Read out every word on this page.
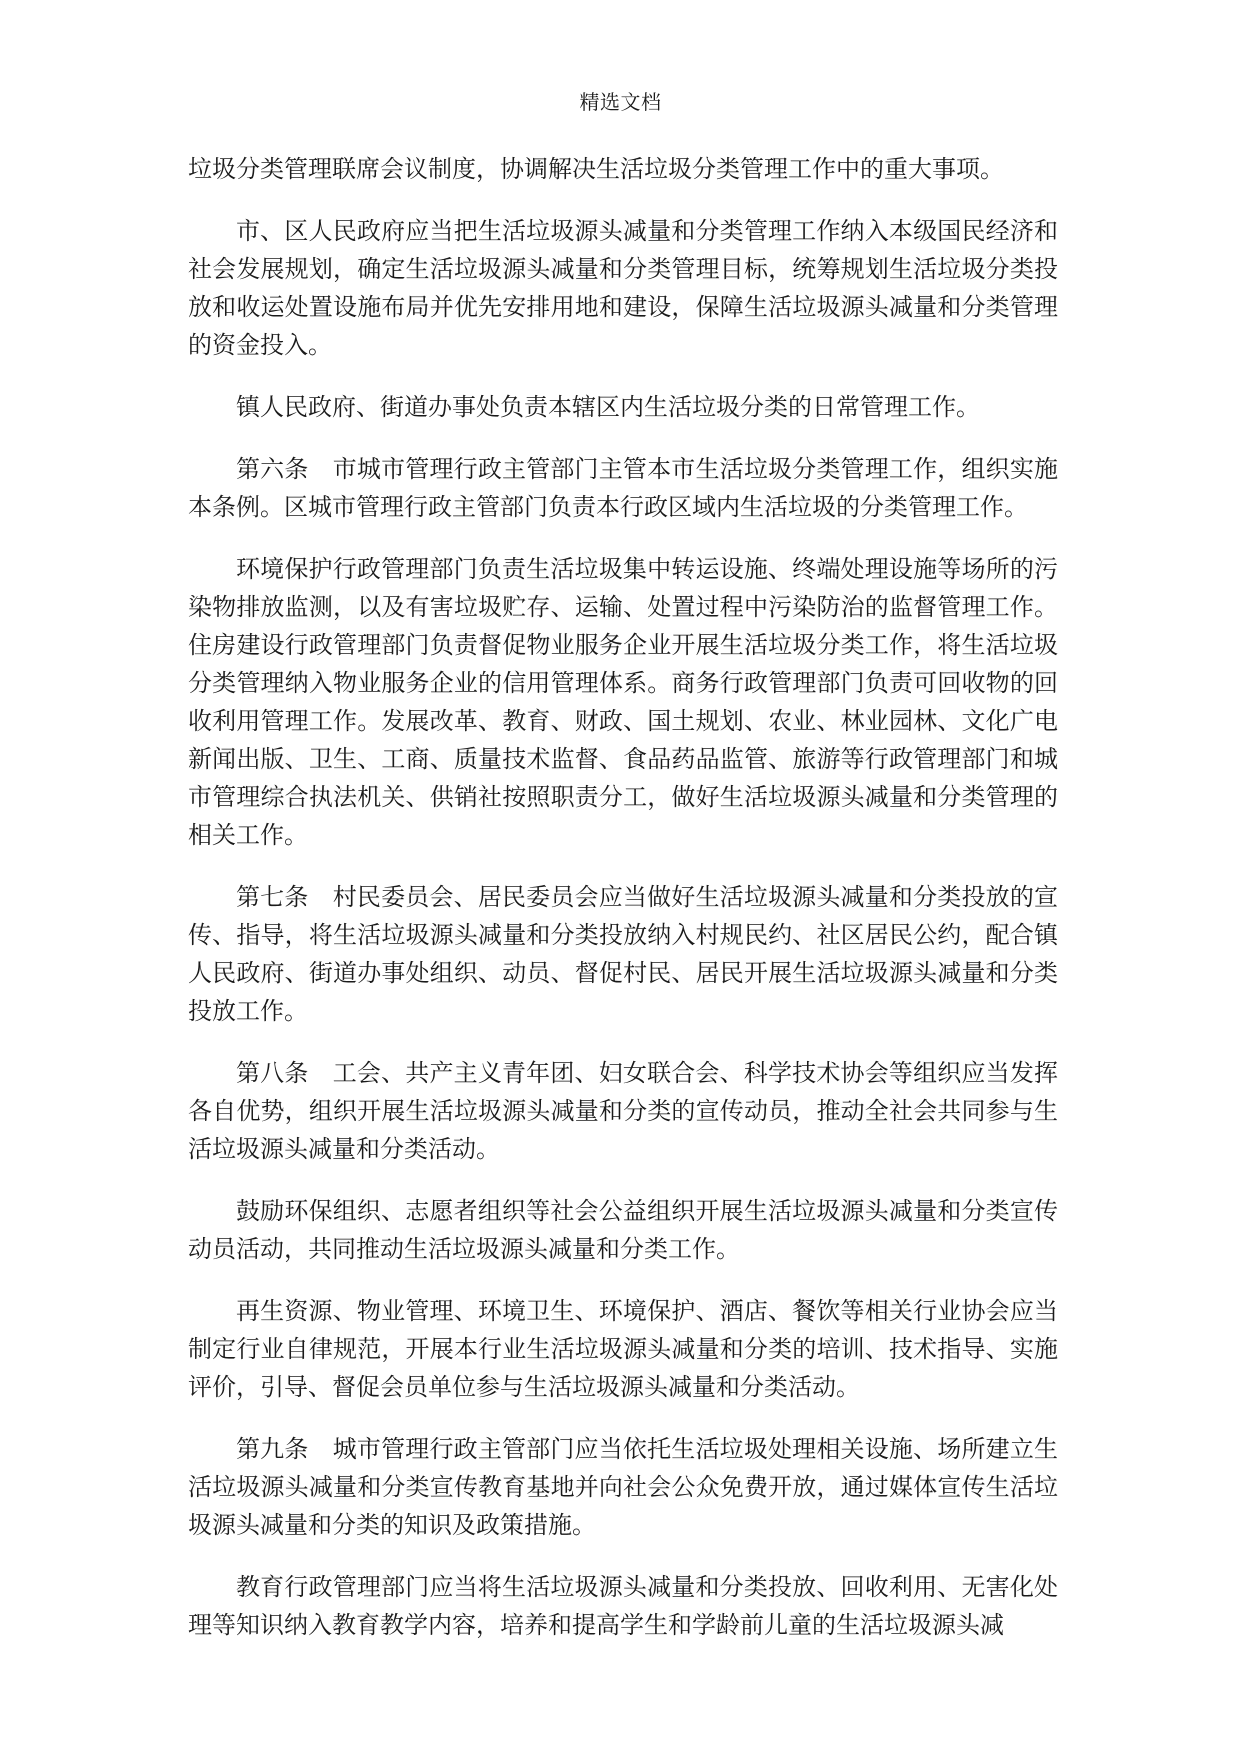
精选文档

垃圾分类管理联席会议制度，协调解决生活垃圾分类管理工作中的重大事项。

市、区人民政府应当把生活垃圾源头减量和分类管理工作纳入本级国民经济和社会发展规划，确定生活垃圾源头减量和分类管理目标，统筹规划生活垃圾分类投放和收运处置设施布局并优先安排用地和建设，保障生活垃圾源头减量和分类管理的资金投入。

镇人民政府、街道办事处负责本辖区内生活垃圾分类的日常管理工作。

第六条　市城市管理行政主管部门主管本市生活垃圾分类管理工作，组织实施本条例。区城市管理行政主管部门负责本行政区域内生活垃圾的分类管理工作。

环境保护行政管理部门负责生活垃圾集中转运设施、终端处理设施等场所的污染物排放监测，以及有害垃圾贮存、运输、处置过程中污染防治的监督管理工作。住房建设行政管理部门负责督促物业服务企业开展生活垃圾分类工作，将生活垃圾分类管理纳入物业服务企业的信用管理体系。商务行政管理部门负责可回收物的回收利用管理工作。发展改革、教育、财政、国土规划、农业、林业园林、文化广电新闻出版、卫生、工商、质量技术监督、食品药品监管、旅游等行政管理部门和城市管理综合执法机关、供销社按照职责分工，做好生活垃圾源头减量和分类管理的相关工作。

第七条　村民委员会、居民委员会应当做好生活垃圾源头减量和分类投放的宣传、指导，将生活垃圾源头减量和分类投放纳入村规民约、社区居民公约，配合镇人民政府、街道办事处组织、动员、督促村民、居民开展生活垃圾源头减量和分类投放工作。

第八条　工会、共产主义青年团、妇女联合会、科学技术协会等组织应当发挥各自优势，组织开展生活垃圾源头减量和分类的宣传动员，推动全社会共同参与生活垃圾源头减量和分类活动。

鼓励环保组织、志愿者组织等社会公益组织开展生活垃圾源头减量和分类宣传动员活动，共同推动生活垃圾源头减量和分类工作。

再生资源、物业管理、环境卫生、环境保护、酒店、餐饮等相关行业协会应当制定行业自律规范，开展本行业生活垃圾源头减量和分类的培训、技术指导、实施评价，引导、督促会员单位参与生活垃圾源头减量和分类活动。

第九条　城市管理行政主管部门应当依托生活垃圾处理相关设施、场所建立生活垃圾源头减量和分类宣传教育基地并向社会公众免费开放，通过媒体宣传生活垃圾源头减量和分类的知识及政策措施。

教育行政管理部门应当将生活垃圾源头减量和分类投放、回收利用、无害化处理等知识纳入教育教学内容，培养和提高学生和学龄前儿童的生活垃圾源头减
